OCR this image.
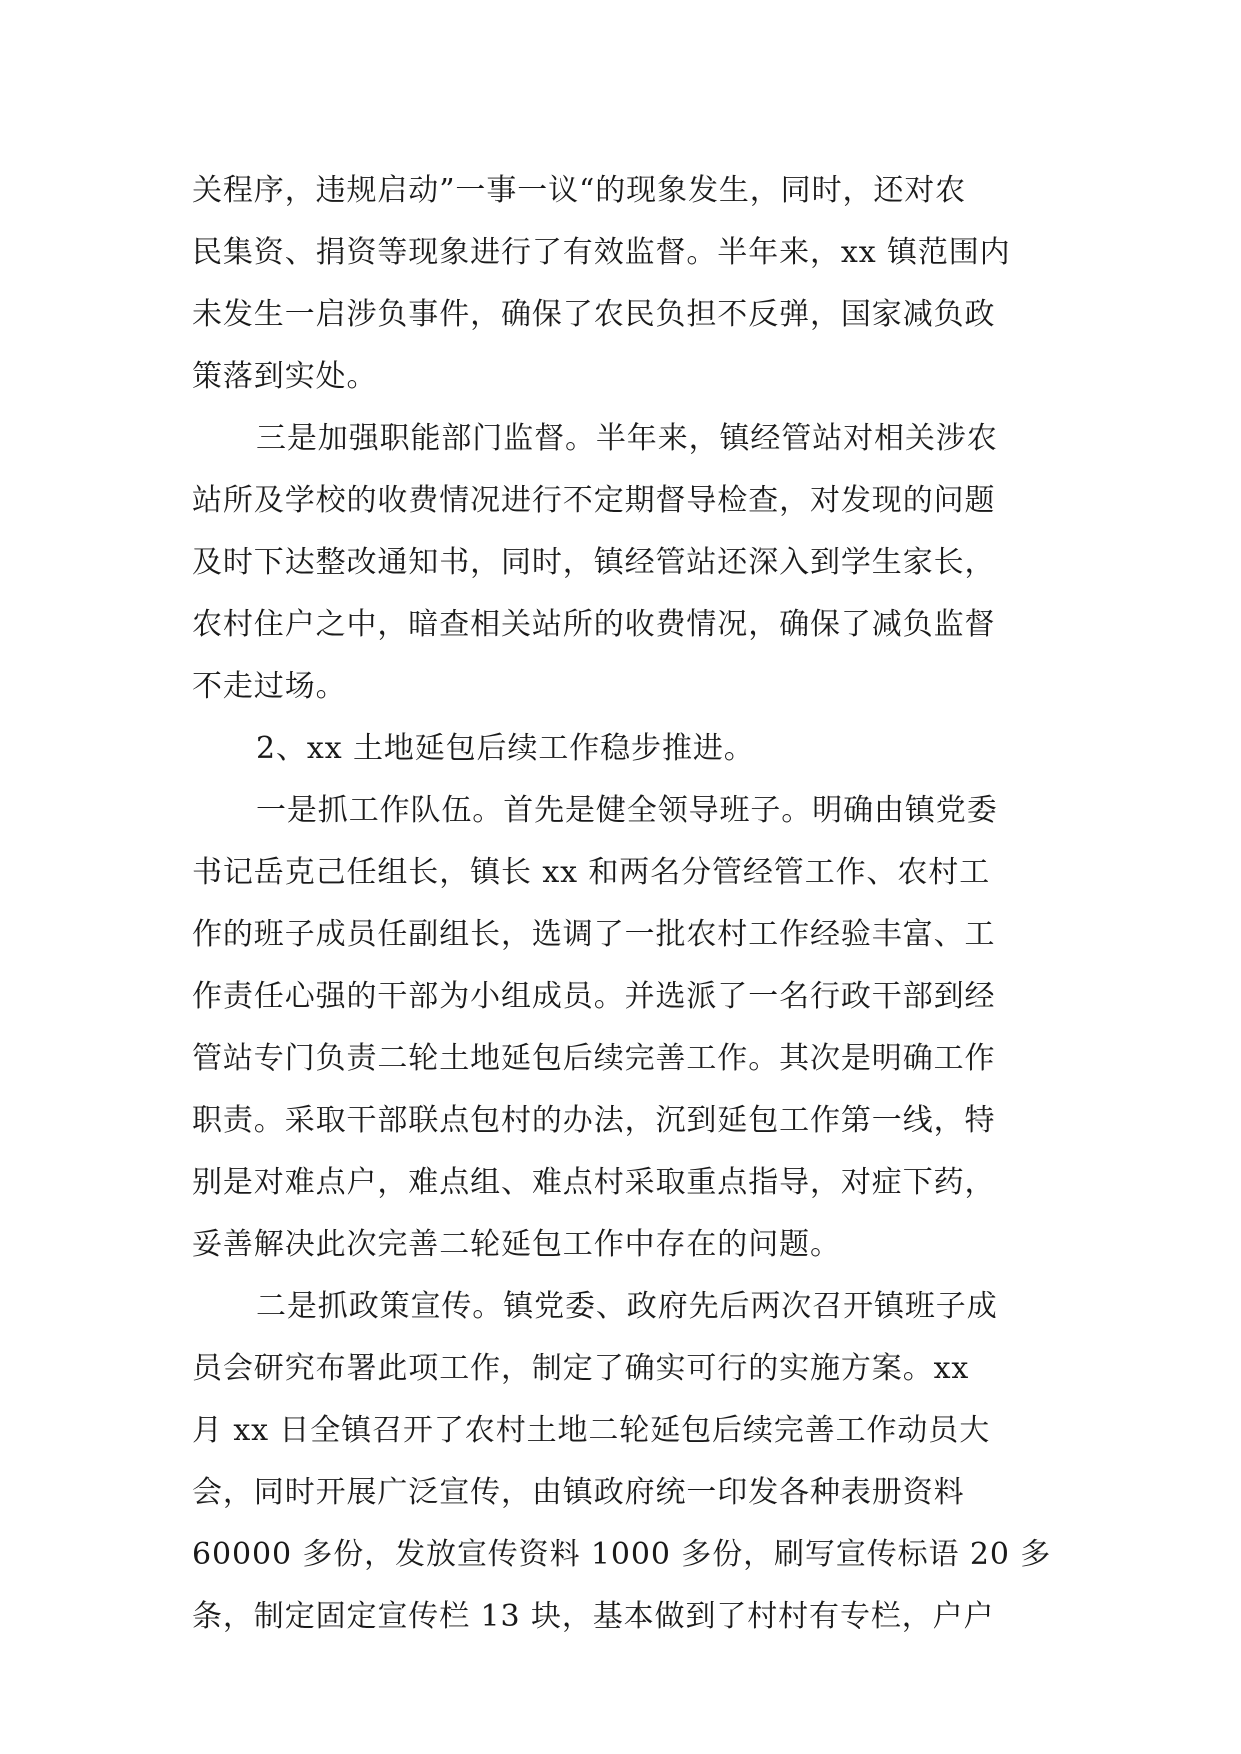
关程序，违规启动”一事一议“的现象发生，同时，还对农
民集资、捐资等现象进行了有效监督。半年来，xx 镇范围内
未发生一启涉负事件，确保了农民负担不反弹，国家减负政
策落到实处。
三是加强职能部门监督。半年来，镇经管站对相关涉农
站所及学校的收费情况进行不定期督导检查，对发现的问题
及时下达整改通知书，同时，镇经管站还深入到学生家长，
农村住户之中，暗查相关站所的收费情况，确保了减负监督
不走过场。
2、xx 土地延包后续工作稳步推进。
一是抓工作队伍。首先是健全领导班子。明确由镇党委
书记岳克己任组长，镇长 xx 和两名分管经管工作、农村工
作的班子成员任副组长，选调了一批农村工作经验丰富、工
作责任心强的干部为小组成员。并选派了一名行政干部到经
管站专门负责二轮土地延包后续完善工作。其次是明确工作
职责。采取干部联点包村的办法，沉到延包工作第一线，特
别是对难点户，难点组、难点村采取重点指导，对症下药，
妥善解决此次完善二轮延包工作中存在的问题。
二是抓政策宣传。镇党委、政府先后两次召开镇班子成
员会研究布署此项工作，制定了确实可行的实施方案。xx
月 xx 日全镇召开了农村土地二轮延包后续完善工作动员大
会，同时开展广泛宣传，由镇政府统一印发各种表册资料
60000 多份，发放宣传资料 1000 多份，刷写宣传标语 20 多
条，制定固定宣传栏 13 块，基本做到了村村有专栏，户户
